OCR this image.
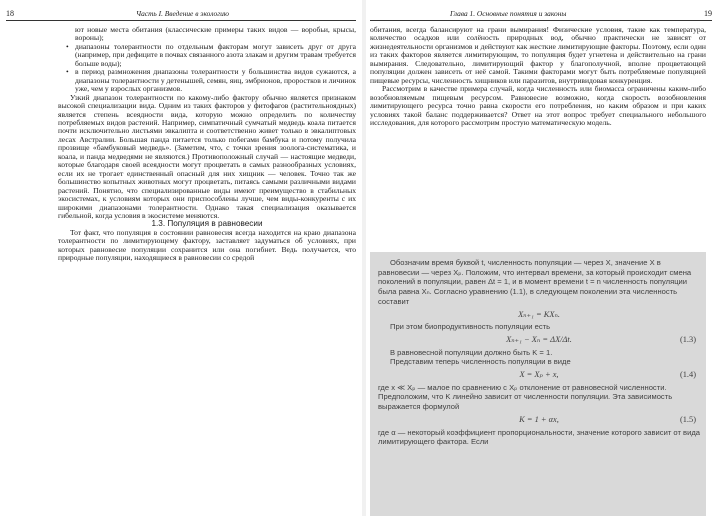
18	Часть I. Введение в экологию

ют новые места обитания (классические примеры таких видов — воробьи, крысы, вороны);

• диапазоны толерантности по отдельным факторам могут зависеть друг от друга (например, при дефиците в почвах связанного азота злакам и другим травам требуется больше воды);

• в период размножения диапазоны толерантности у большинства видов сужаются, а диапазоны толерантности у детенышей, семян, яиц, эмбрионов, проростков и личинок уже, чем у взрослых организмов.

Узкий диапазон толерантности по какому-либо фактору обычно является признаком высокой специализации вида. Одним из таких факторов у фитофагов (растительноядных) является степень всеядности вида, которую можно определить по количеству потребляемых видов растений. Например, симпатичный сумчатый медведь коала питается почти исключительно листьями эвкалипта и соответственно живет только в эвкалиптовых лесах Австралии. Большая панда питается только побегами бамбука и потому получила прозвище «бамбуковый медведь». (Заметим, что, с точки зрения зоолога-систематика, и коала, и панда медведями не являются.) Противоположный случай — настоящие медведи, которые благодаря своей всеядности могут процветать в самых разнообразных условиях, если их не трогает единственный опасный для них хищник — человек. Точно так же большинство копытных животных могут процветать, питаясь самыми различными видами растений. Понятно, что специализированные виды имеют преимущество в стабильных экосистемах, к условиям которых они приспособлены лучше, чем виды-конкуренты с их широкими диапазонами толерантности. Однако такая специализация оказывается гибельной, когда условия в экосистеме меняются.

1.3. Популяция в равновесии

Тот факт, что популяция в состоянии равновесия всегда находится на краю диапазона толерантности по лимитирующему фактору, заставляет задуматься об условиях, при которых равновесие популяции сохранится или она погибнет. Ведь получается, что природные популяции, находящиеся в равновесии со средой

Глава 1. Основные понятия и законы	19

обитания, всегда балансируют на грани вымирания! Физические условия, такие как температура, количество осадков или солёность природных вод, обычно практически не зависят от жизнедеятельности организмов и действуют как жесткие лимитирующие факторы. Поэтому, если один из таких факторов является лимитирующим, то популяция будет угнетена и действительно на грани вымирания. Следовательно, лимитирующий фактор у благополучной, вполне процветающей популяции должен зависеть от неё самой. Такими факторами могут быть потребляемые популяцией пищевые ресурсы, численность хищников или паразитов, внутривидовая конкуренция.

Рассмотрим в качестве примера случай, когда численность или биомасса ограничены каким-либо возобновляемым пищевым ресурсом. Равновесие возможно, когда скорость возобновления лимитирующего ресурса точно равна скорости его потребления, но каким образом и при каких условиях такой баланс поддерживается? Ответ на этот вопрос требует специального небольшого исследования, для которого рассмотрим простую математическую модель.

Обозначим время буквой t, численность популяции — через X, значение X в равновесии — через Xₚ. Положим, что интервал времени, за который происходит смена поколений в популяции, равен Δt = 1, и в момент времени t = n численность популяции была равна Xₙ. Согласно уравнению (1.1), в следующем поколении эта численность составит

Xₙ₊₁ = KXₙ.

При этом биопродуктивность популяции есть

Xₙ₊₁ − Xₙ = ΔX/Δt.	(1.3)

В равновесной популяции должно быть K = 1.

Представим теперь численность популяции в виде

X = Xₚ + x,	(1.4)

где x ≪ Xₚ — малое по сравнению с Xₚ отклонение от равновесной численности. Предположим, что K линейно зависит от численности популяции. Эта зависимость выражается формулой

K = 1 + αx,	(1.5)

где α — некоторый коэффициент пропорциональности, значение которого зависит от вида лимитирующего фактора. Если
